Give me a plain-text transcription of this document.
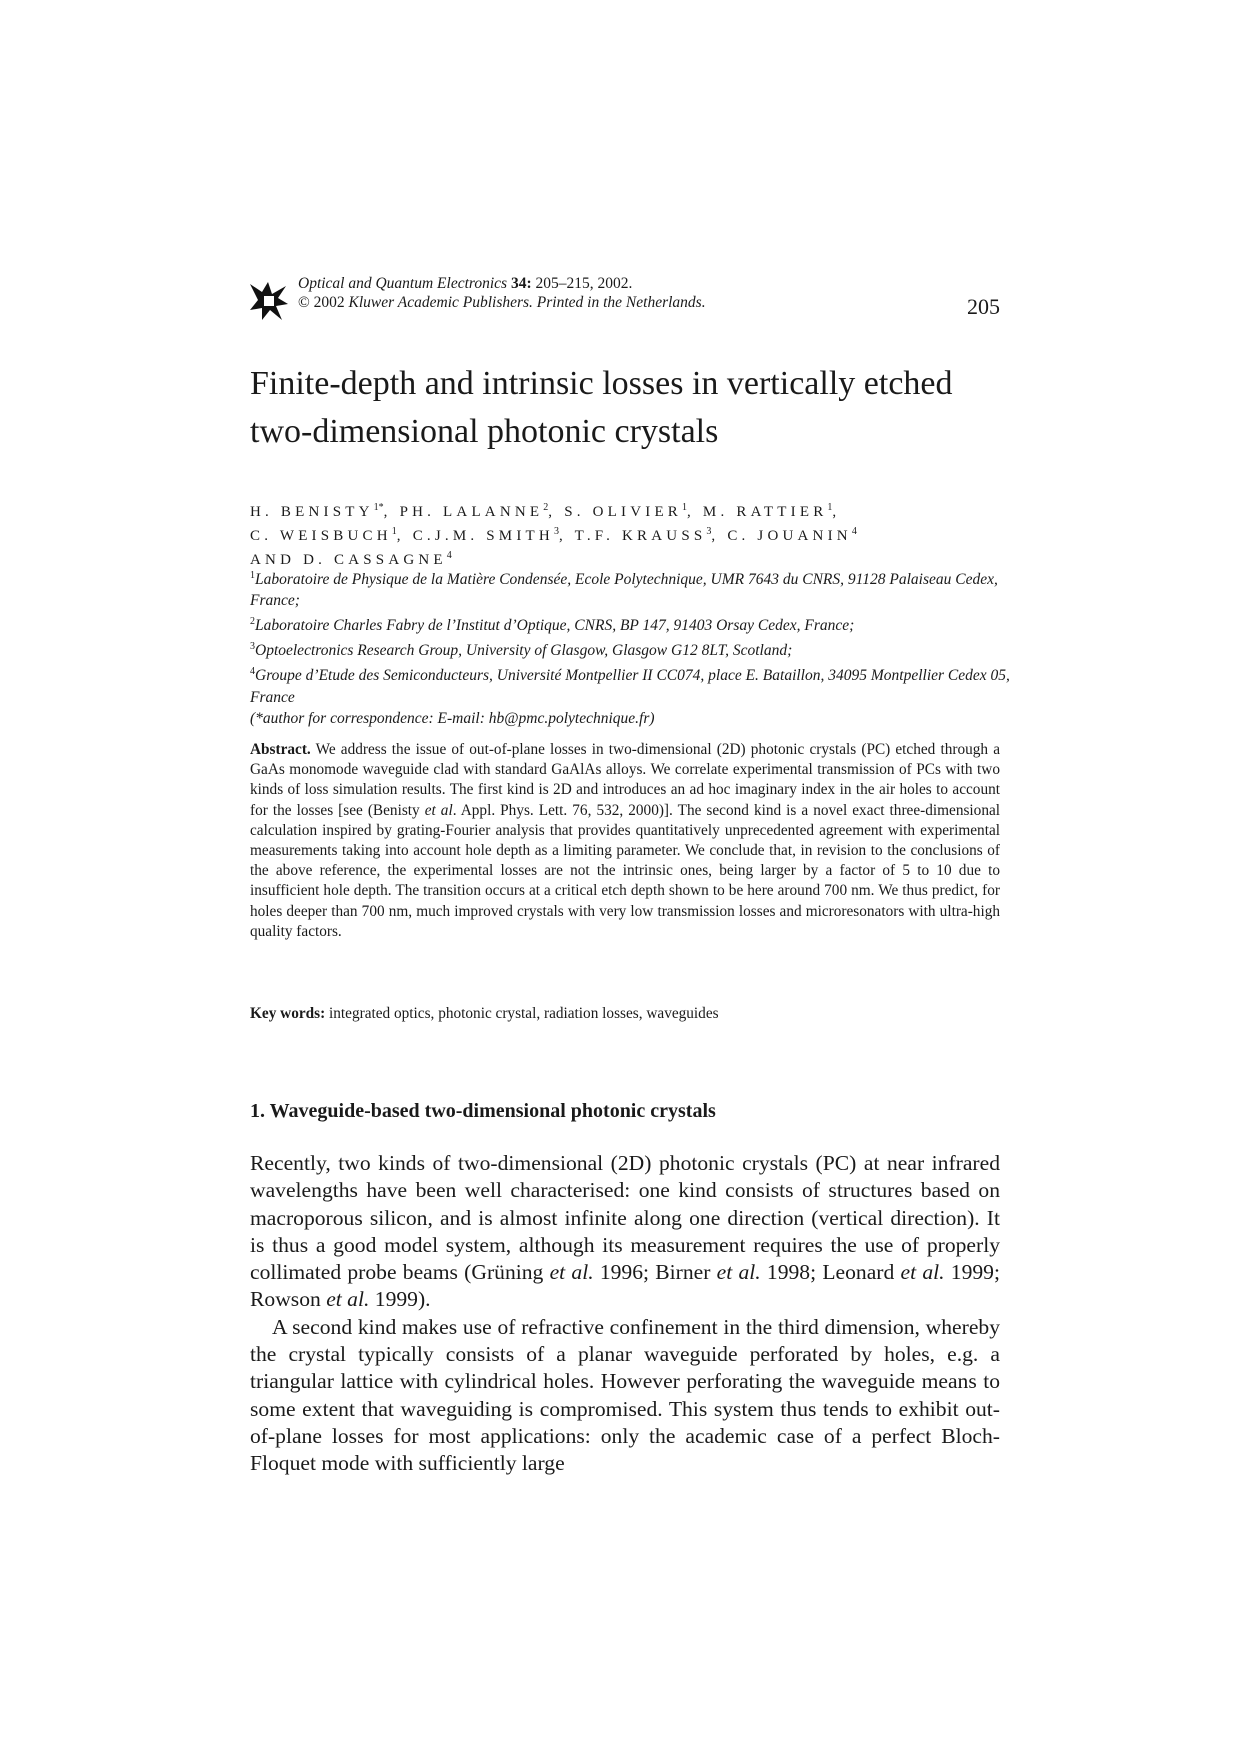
Optical and Quantum Electronics 34: 205–215, 2002.
© 2002 Kluwer Academic Publishers. Printed in the Netherlands.	205
Finite-depth and intrinsic losses in vertically etched
two-dimensional photonic crystals
H. $BENISTY^{1*}$, PH. LALANNE$^2$, S. OLIVIER$^1$, M. RATTIER$^1$,
C. WEISBUCH$^1$, C.J.M. SMITH$^3$, T.F. KRAUSS$^3$, C. JOUANIN$^4$
AND D. CASSAGNE$^4$

$^1$Laboratoire de Physique de la Matière Condensée, Ecole Polytechnique, UMR 7643 du CNRS, 91128 Palaiseau Cedex, France;

$^2$Laboratoire Charles Fabry de l’Institut d’Optique, CNRS, BP 147, 91403 Orsay Cedex, France;

$^3$Optoelectronics Research Group, University of Glasgow, Glasgow G12 8LT, Scotland;

$^4$Groupe d’Etude des Semiconducteurs, Université Montpellier II CC074, place E. Bataillon, 34095 Montpellier Cedex 05, France

(*author for correspondence: E-mail: hb@pmc.polytechnique.fr)

Abstract. We address the issue of out-of-plane losses in two-dimensional (2D) photonic crystals (PC) etched through a GaAs monomode waveguide clad with standard GaAlAs alloys. We correlate experimental transmission of PCs with two kinds of loss simulation results. The first kind is 2D and introduces an ad hoc imaginary index in the air holes to account for the losses [see (Benisty et al. Appl. Phys. Lett. 76, 532, 2000)]. The second kind is a novel exact three-dimensional calculation inspired by grating-Fourier analysis that provides quantitatively unprecedented agreement with experimental measurements taking into account hole depth as a limiting parameter. We conclude that, in revision to the conclusions of the above reference, the experimental losses are not the intrinsic ones, being larger by a factor of 5 to 10 due to insufficient hole depth. The transition occurs at a critical etch depth shown to be here around 700 nm. We thus predict, for holes deeper than 700 nm, much improved crystals with very low transmission losses and microresonators with ultra-high quality factors.

Key words: integrated optics, photonic crystal, radiation losses, waveguides
1. Waveguide-based two-dimensional photonic crystals

Recently, two kinds of two-dimensional (2D) photonic crystals (PC) at near infrared wavelengths have been well characterised: one kind consists of structures based on macroporous silicon, and is almost infinite along one direction (vertical direction). It is thus a good model system, although its measurement requires the use of properly collimated probe beams (Grüning et al. 1996; Birner et al. 1998; Leonard et al. 1999; Rowson et al. 1999).

A second kind makes use of refractive confinement in the third dimension, whereby the crystal typically consists of a planar waveguide perforated by holes, e.g. a triangular lattice with cylindrical holes. However perforating the waveguide means to some extent that waveguiding is compromised. This system thus tends to exhibit out-of-plane losses for most applications: only the academic case of a perfect Bloch-Floquet mode with sufficiently large
